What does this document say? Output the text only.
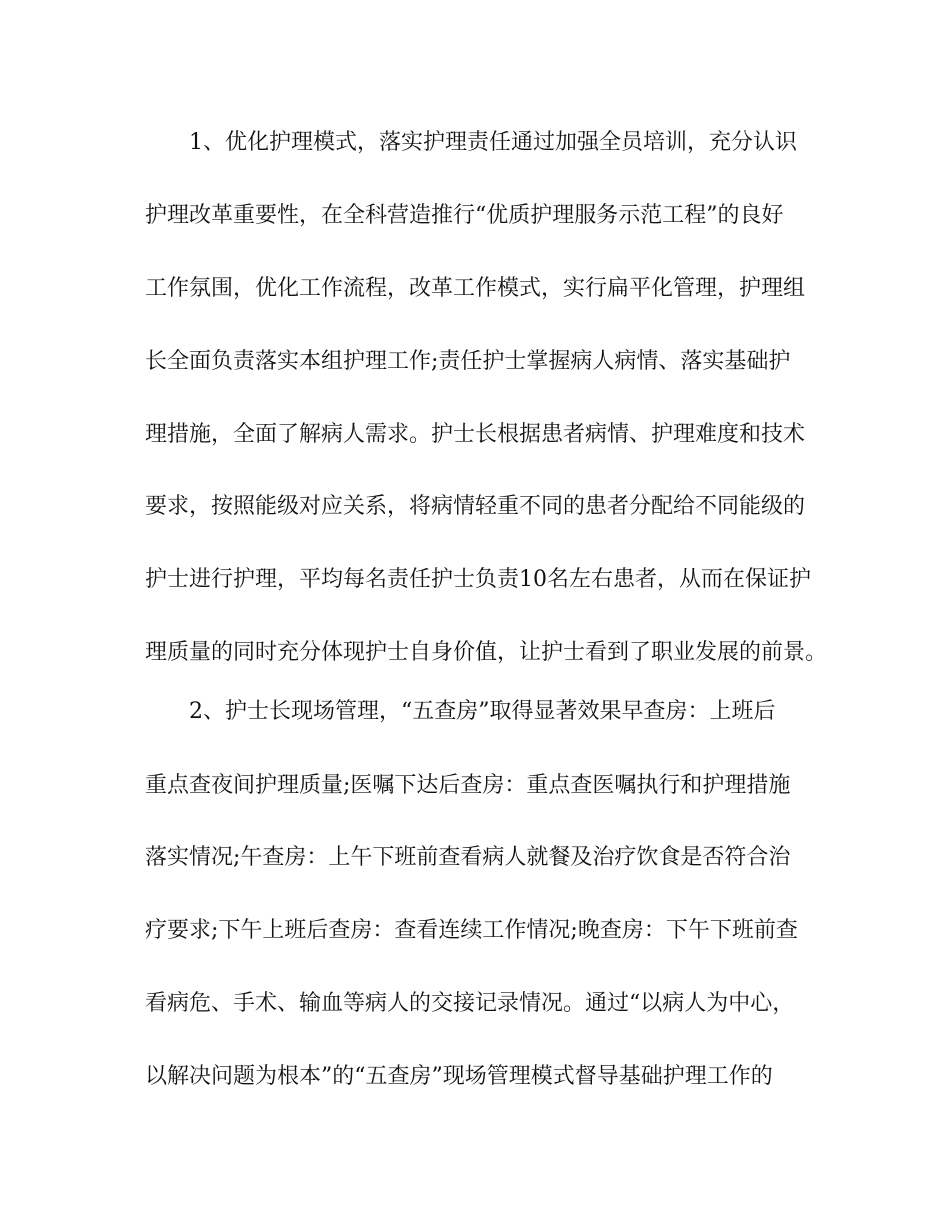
1、优化护理模式，落实护理责任通过加强全员培训，充分认识
护理改革重要性，在全科营造推行“优质护理服务示范工程”的良好
工作氛围，优化工作流程，改革工作模式，实行扁平化管理，护理组
长全面负责落实本组护理工作;责任护士掌握病人病情、落实基础护
理措施，全面了解病人需求。护士长根据患者病情、护理难度和技术
要求，按照能级对应关系，将病情轻重不同的患者分配给不同能级的
护士进行护理，平均每名责任护士负责10名左右患者，从而在保证护
理质量的同时充分体现护士自身价值，让护士看到了职业发展的前景。
2、护士长现场管理，“五查房”取得显著效果早查房：上班后
重点查夜间护理质量;医嘱下达后查房：重点查医嘱执行和护理措施
落实情况;午查房：上午下班前查看病人就餐及治疗饮食是否符合治
疗要求;下午上班后查房：查看连续工作情况;晚查房：下午下班前查
看病危、手术、输血等病人的交接记录情况。通过“以病人为中心，
以解决问题为根本”的“五查房”现场管理模式督导基础护理工作的
